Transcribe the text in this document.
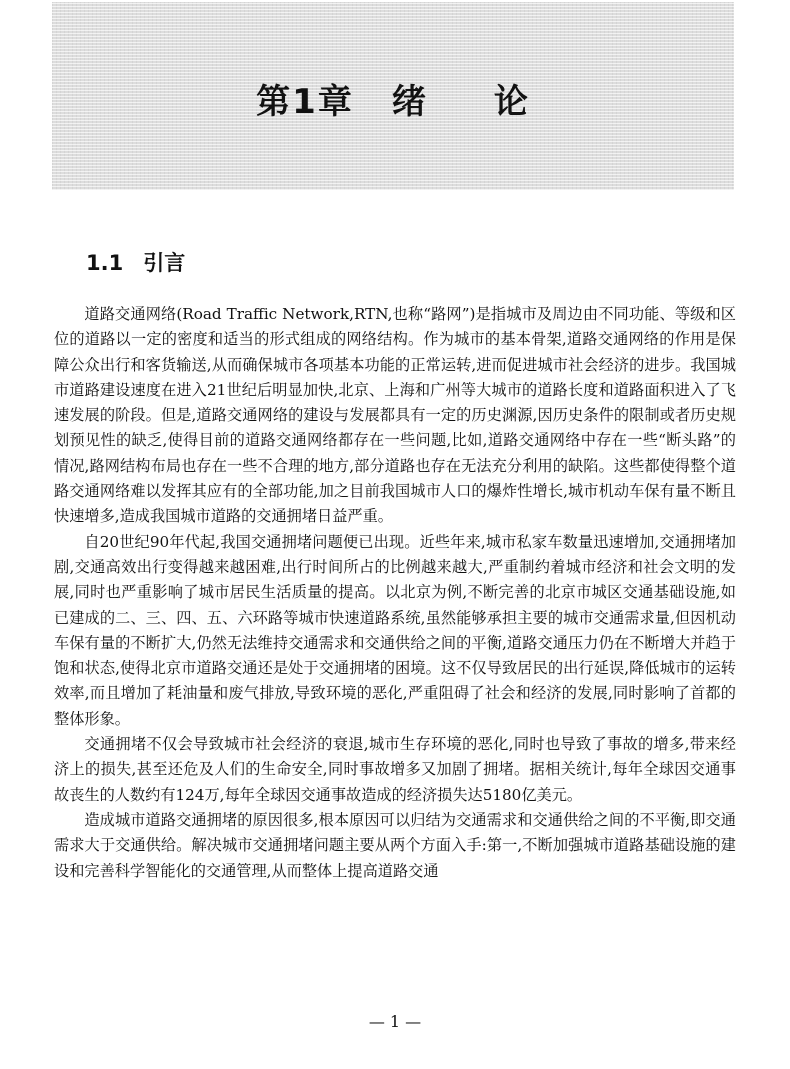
第1章 绪 论
1.1 引言

道路交通网络(Road Traffic Network,RTN,也称“路网”)是指城市及周边由不同功能、等级和区位的道路以一定的密度和适当的形式组成的网络结构。作为城市的基本骨架,道路交通网络的作用是保障公众出行和客货输送,从而确保城市各项基本功能的正常运转,进而促进城市社会经济的进步。我国城市道路建设速度在进入21世纪后明显加快,北京、上海和广州等大城市的道路长度和道路面积进入了飞速发展的阶段。但是,道路交通网络的建设与发展都具有一定的历史渊源,因历史条件的限制或者历史规划预见性的缺乏,使得目前的道路交通网络都存在一些问题,比如,道路交通网络中存在一些“断头路”的情况,路网结构布局也存在一些不合理的地方,部分道路也存在无法充分利用的缺陷。这些都使得整个道路交通网络难以发挥其应有的全部功能,加之目前我国城市人口的爆炸性增长,城市机动车保有量不断且快速增多,造成我国城市道路的交通拥堵日益严重。

自20世纪90年代起,我国交通拥堵问题便已出现。近些年来,城市私家车数量迅速增加,交通拥堵加剧,交通高效出行变得越来越困难,出行时间所占的比例越来越大,严重制约着城市经济和社会文明的发展,同时也严重影响了城市居民生活质量的提高。以北京为例,不断完善的北京市城区交通基础设施,如已建成的二、三、四、五、六环路等城市快速道路系统,虽然能够承担主要的城市交通需求量,但因机动车保有量的不断扩大,仍然无法维持交通需求和交通供给之间的平衡,道路交通压力仍在不断增大并趋于饱和状态,使得北京市道路交通还是处于交通拥堵的困境。这不仅导致居民的出行延误,降低城市的运转效率,而且增加了耗油量和废气排放,导致环境的恶化,严重阻碍了社会和经济的发展,同时影响了首都的整体形象。

交通拥堵不仅会导致城市社会经济的衰退,城市生存环境的恶化,同时也导致了事故的增多,带来经济上的损失,甚至还危及人们的生命安全,同时事故增多又加剧了拥堵。据相关统计,每年全球因交通事故丧生的人数约有124万,每年全球因交通事故造成的经济损失达5180亿美元。

造成城市道路交通拥堵的原因很多,根本原因可以归结为交通需求和交通供给之间的不平衡,即交通需求大于交通供给。解决城市交通拥堵问题主要从两个方面入手:第一,不断加强城市道路基础设施的建设和完善科学智能化的交通管理,从而整体上提高道路交通

— 1 —
